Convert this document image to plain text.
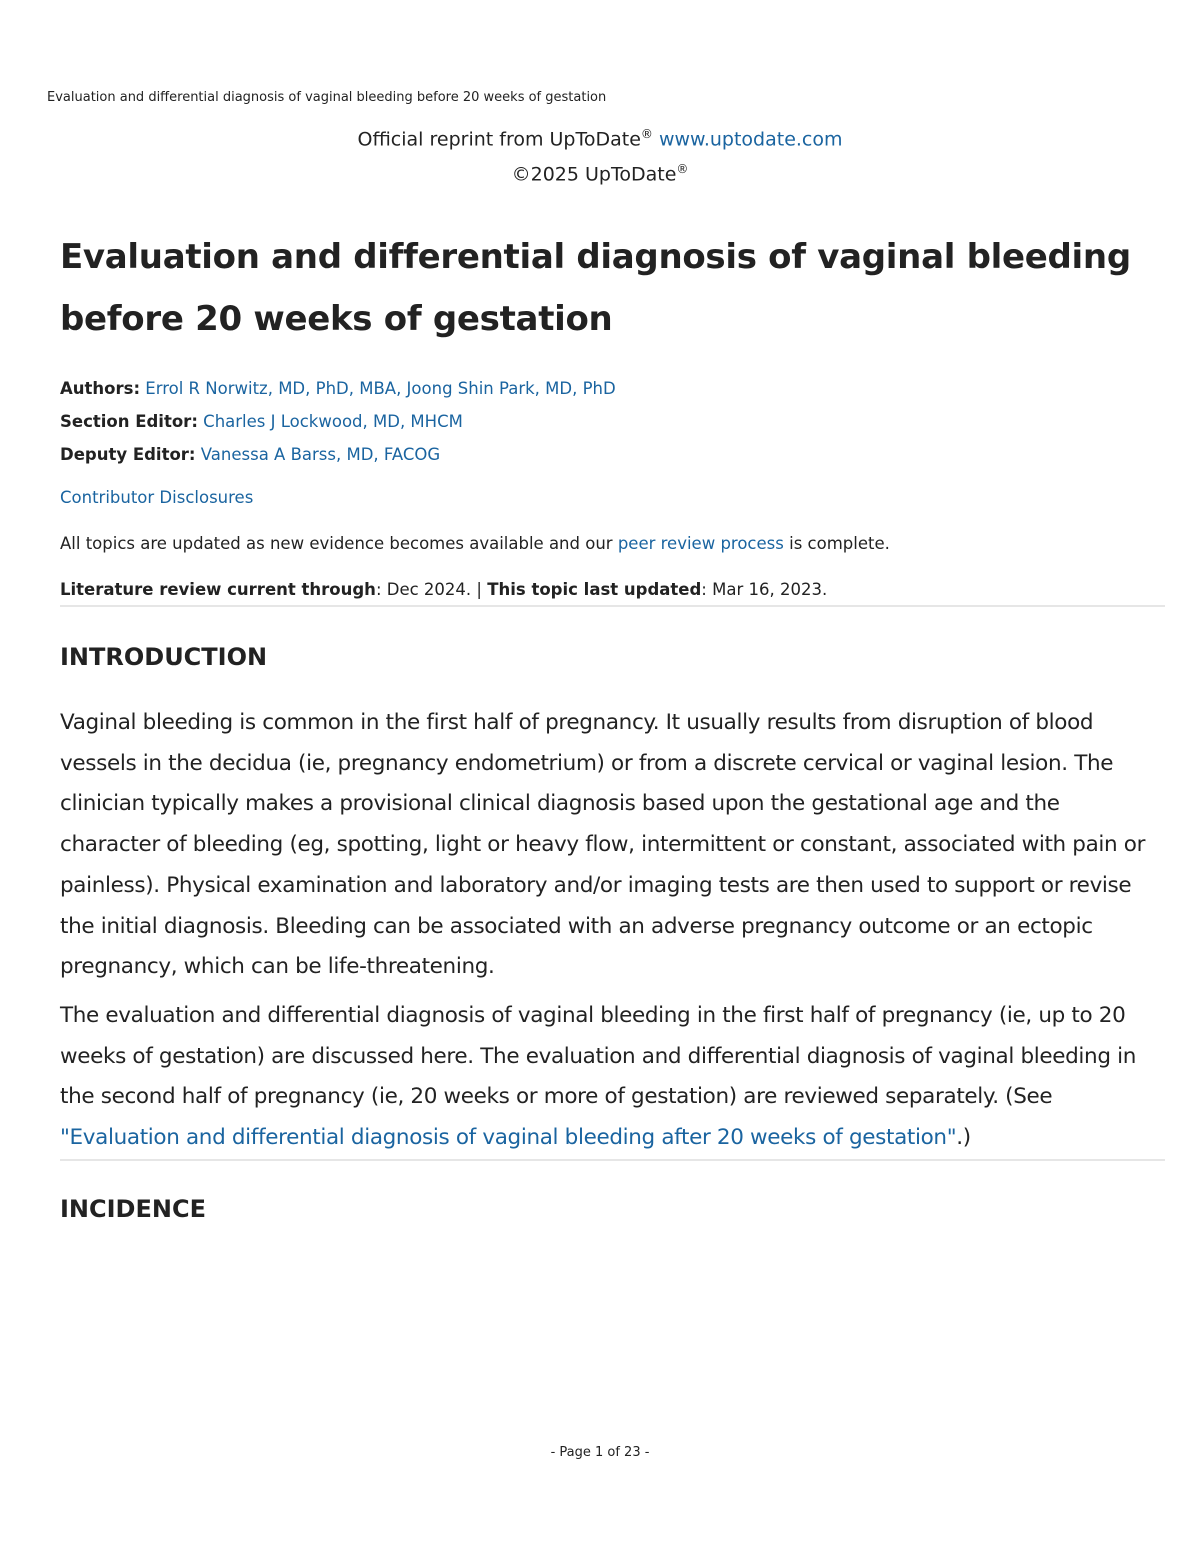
Evaluation and differential diagnosis of vaginal bleeding before 20 weeks of gestation
Official reprint from UpToDate® www.uptodate.com
©2025 UpToDate®
Evaluation and differential diagnosis of vaginal bleeding before 20 weeks of gestation
Authors: Errol R Norwitz, MD, PhD, MBA, Joong Shin Park, MD, PhD
Section Editor: Charles J Lockwood, MD, MHCM
Deputy Editor: Vanessa A Barss, MD, FACOG
Contributor Disclosures
All topics are updated as new evidence becomes available and our peer review process is complete.
Literature review current through: Dec 2024. | This topic last updated: Mar 16, 2023.
INTRODUCTION

Vaginal bleeding is common in the first half of pregnancy. It usually results from disruption of blood vessels in the decidua (ie, pregnancy endometrium) or from a discrete cervical or vaginal lesion. The clinician typically makes a provisional clinical diagnosis based upon the gestational age and the character of bleeding (eg, spotting, light or heavy flow, intermittent or constant, associated with pain or painless). Physical examination and laboratory and/or imaging tests are then used to support or revise the initial diagnosis. Bleeding can be associated with an adverse pregnancy outcome or an ectopic pregnancy, which can be life-threatening.

The evaluation and differential diagnosis of vaginal bleeding in the first half of pregnancy (ie, up to 20 weeks of gestation) are discussed here. The evaluation and differential diagnosis of vaginal bleeding in the second half of pregnancy (ie, 20 weeks or more of gestation) are reviewed separately. (See "Evaluation and differential diagnosis of vaginal bleeding after 20 weeks of gestation".)

INCIDENCE
- Page 1 of 23 -
